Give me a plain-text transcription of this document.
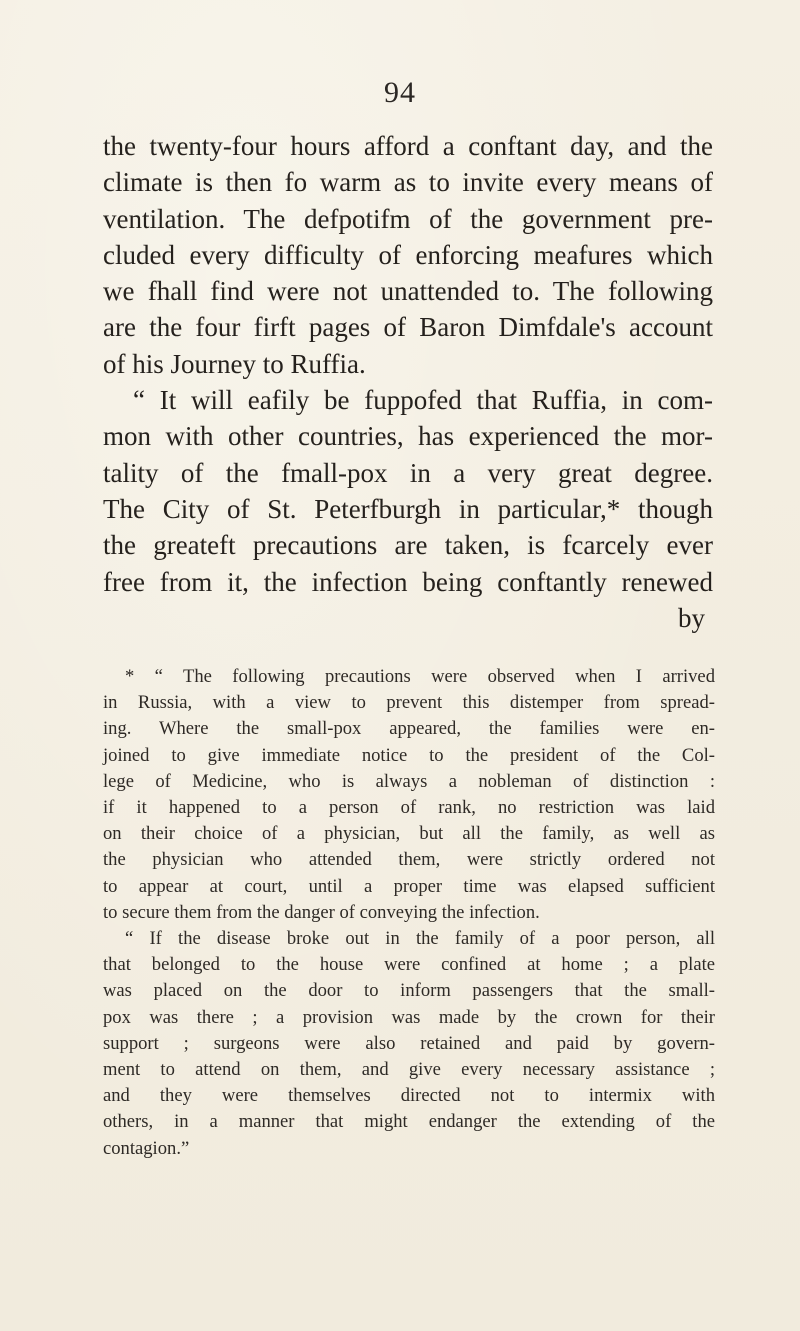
94
the twenty-four hours afford a conftant day, and the
climate is then fo warm as to invite every means of
ventilation. The defpotifm of the government pre-
cluded every difficulty of enforcing meafures which
we fhall find were not unattended to. The following
are the four firft pages of Baron Dimfdale's account
of his Journey to Ruffia.
“ It will eafily be fuppofed that Ruffia, in com-
mon with other countries, has experienced the mor-
tality of the fmall-pox in a very great degree.
The City of St. Peterfburgh in particular,* though
the greateft precautions are taken, is fcarcely ever
free from it, the infection being conftantly renewed
by
* “ The following precautions were observed when I arrived
in Russia, with a view to prevent this distemper from spread-
ing. Where the small-pox appeared, the families were en-
joined to give immediate notice to the president of the Col-
lege of Medicine, who is always a nobleman of distinction :
if it happened to a person of rank, no restriction was laid
on their choice of a physician, but all the family, as well as
the physician who attended them, were strictly ordered not
to appear at court, until a proper time was elapsed sufficient
to secure them from the danger of conveying the infection.
“ If the disease broke out in the family of a poor person, all
that belonged to the house were confined at home ; a plate
was placed on the door to inform passengers that the small-
pox was there ; a provision was made by the crown for their
support ; surgeons were also retained and paid by govern-
ment to attend on them, and give every necessary assistance ;
and they were themselves directed not to intermix with
others, in a manner that might endanger the extending of the
contagion.”
